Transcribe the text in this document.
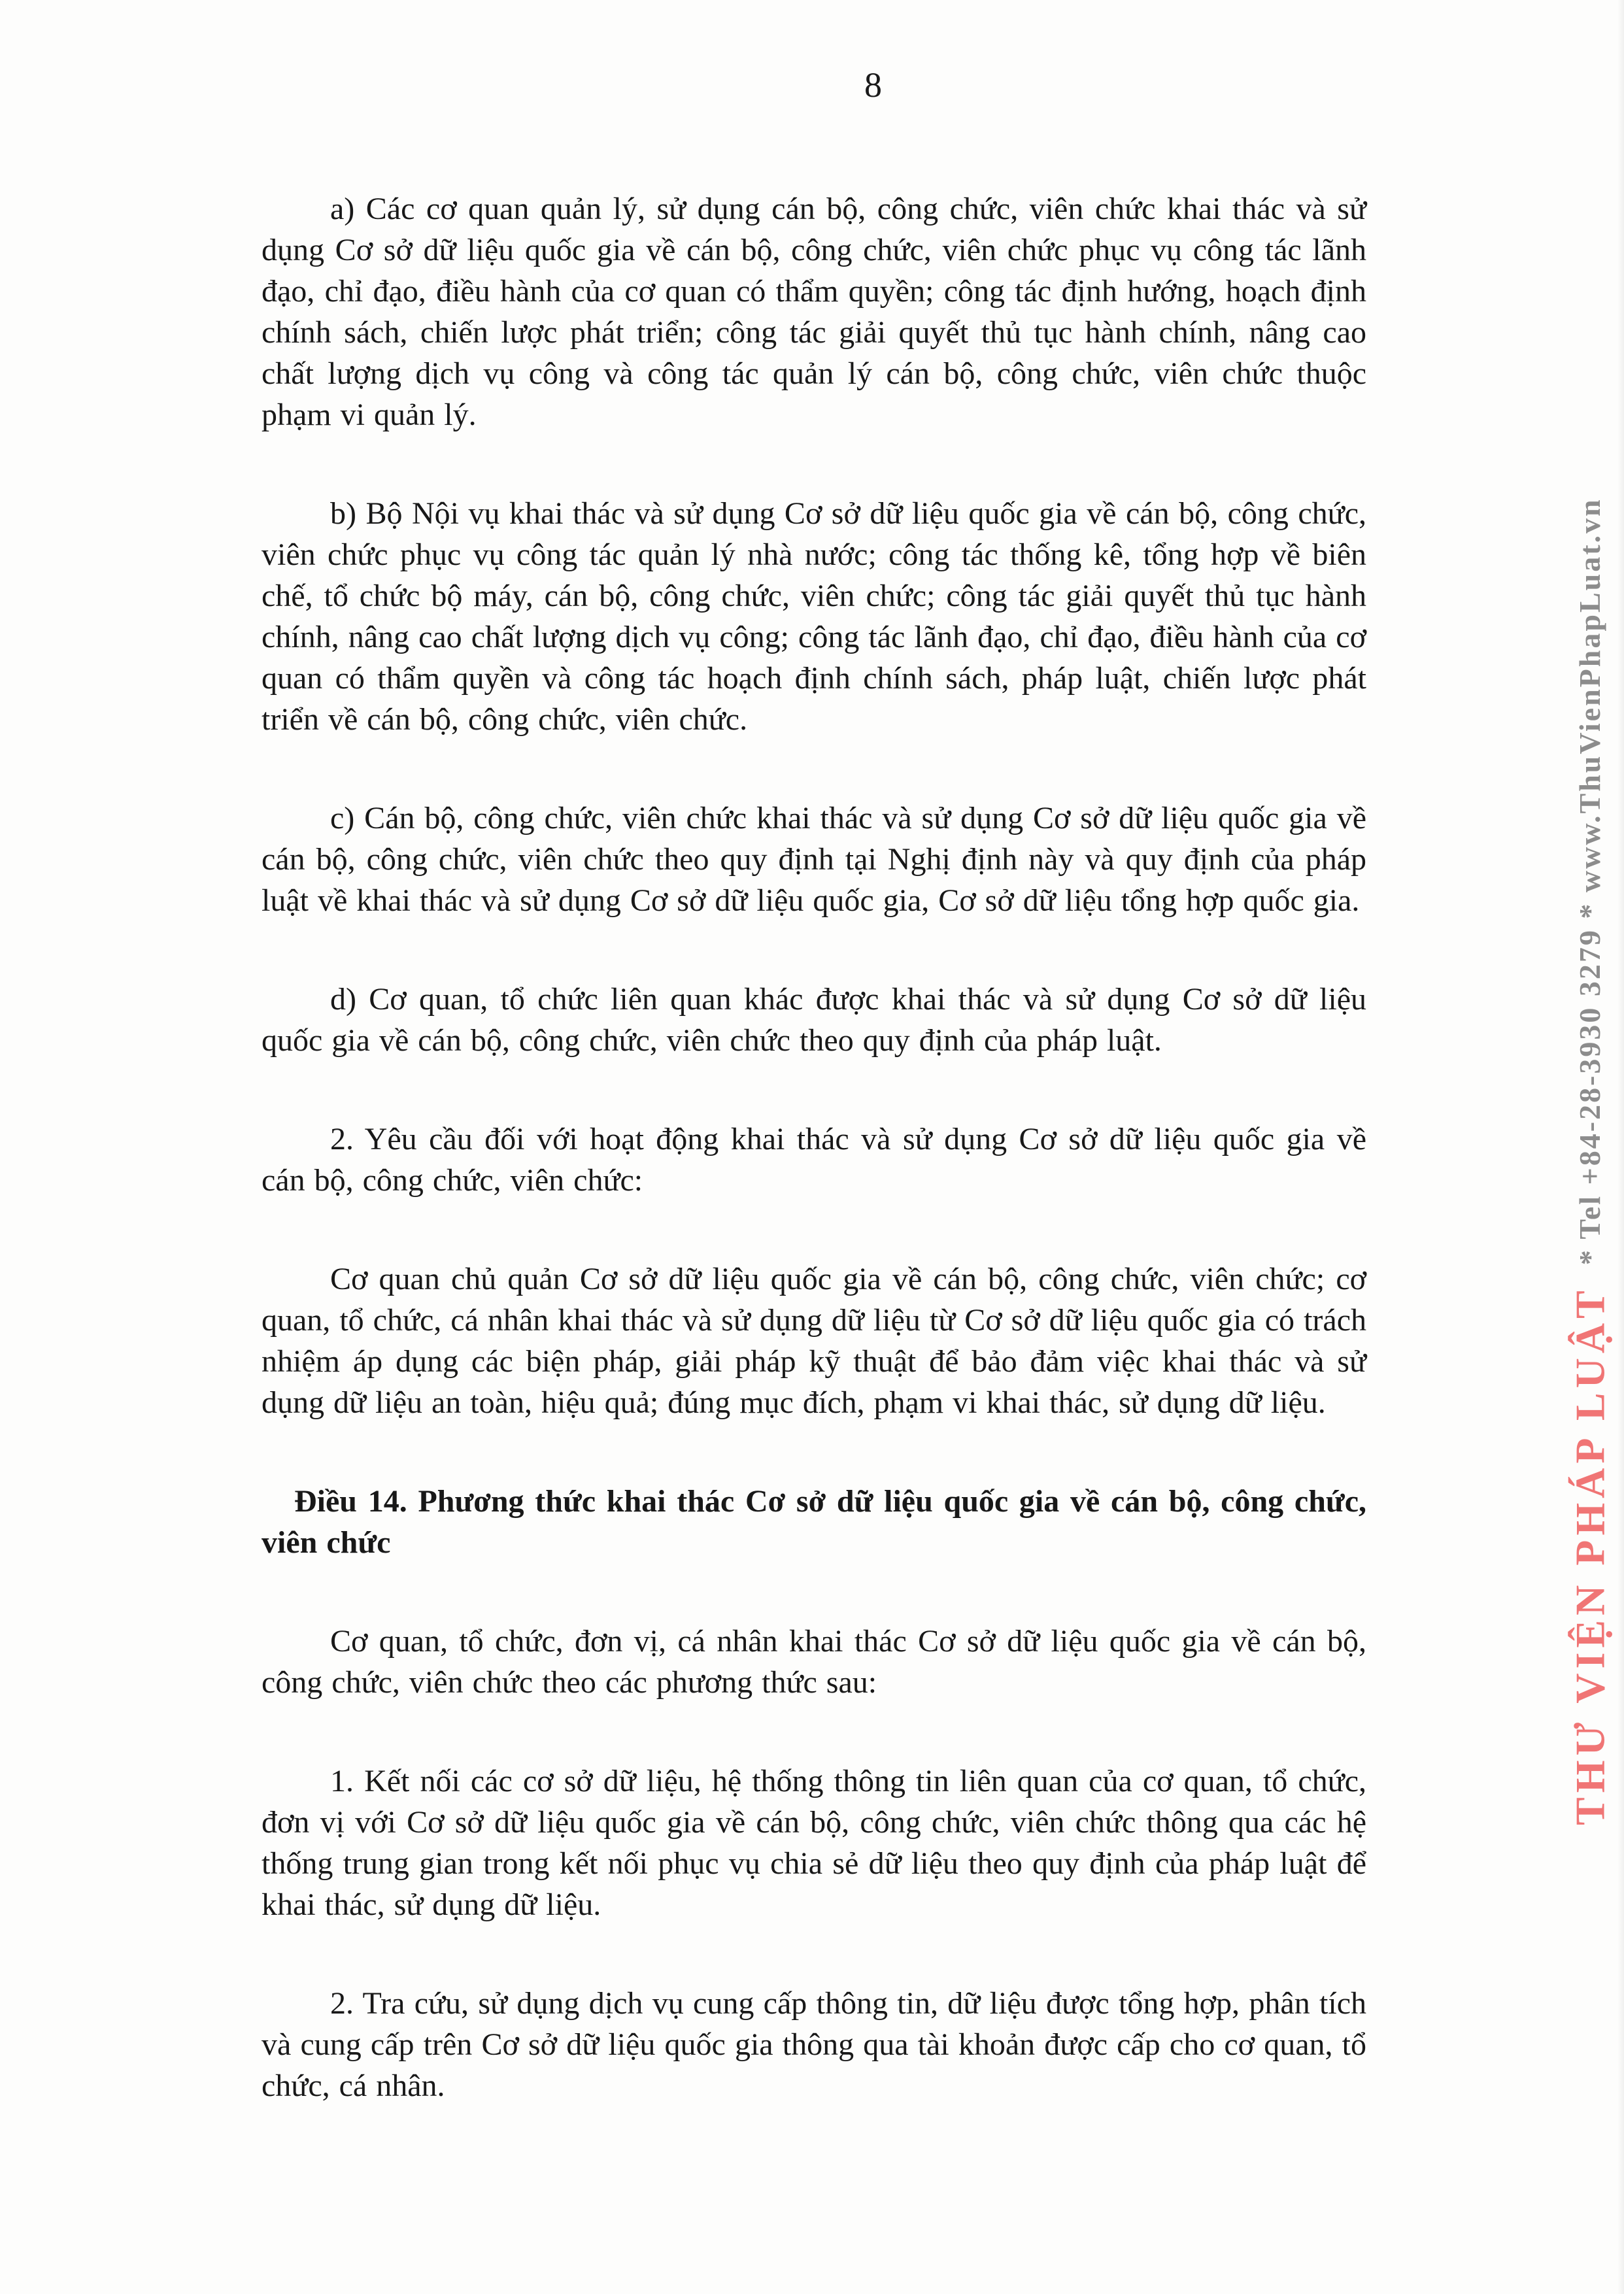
8

a) Các cơ quan quản lý, sử dụng cán bộ, công chức, viên chức khai thác và sử dụng Cơ sở dữ liệu quốc gia về cán bộ, công chức, viên chức phục vụ công tác lãnh đạo, chỉ đạo, điều hành của cơ quan có thẩm quyền; công tác định hướng, hoạch định chính sách, chiến lược phát triển; công tác giải quyết thủ tục hành chính, nâng cao chất lượng dịch vụ công và công tác quản lý cán bộ, công chức, viên chức thuộc phạm vi quản lý.

b) Bộ Nội vụ khai thác và sử dụng Cơ sở dữ liệu quốc gia về cán bộ, công chức, viên chức phục vụ công tác quản lý nhà nước; công tác thống kê, tổng hợp về biên chế, tổ chức bộ máy, cán bộ, công chức, viên chức; công tác giải quyết thủ tục hành chính, nâng cao chất lượng dịch vụ công; công tác lãnh đạo, chỉ đạo, điều hành của cơ quan có thẩm quyền và công tác hoạch định chính sách, pháp luật, chiến lược phát triển về cán bộ, công chức, viên chức.

c) Cán bộ, công chức, viên chức khai thác và sử dụng Cơ sở dữ liệu quốc gia về cán bộ, công chức, viên chức theo quy định tại Nghị định này và quy định của pháp luật về khai thác và sử dụng Cơ sở dữ liệu quốc gia, Cơ sở dữ liệu tổng hợp quốc gia.

d) Cơ quan, tổ chức liên quan khác được khai thác và sử dụng Cơ sở dữ liệu quốc gia về cán bộ, công chức, viên chức theo quy định của pháp luật.

2. Yêu cầu đối với hoạt động khai thác và sử dụng Cơ sở dữ liệu quốc gia về cán bộ, công chức, viên chức:

Cơ quan chủ quản Cơ sở dữ liệu quốc gia về cán bộ, công chức, viên chức; cơ quan, tổ chức, cá nhân khai thác và sử dụng dữ liệu từ Cơ sở dữ liệu quốc gia có trách nhiệm áp dụng các biện pháp, giải pháp kỹ thuật để bảo đảm việc khai thác và sử dụng dữ liệu an toàn, hiệu quả; đúng mục đích, phạm vi khai thác, sử dụng dữ liệu.

Điều 14. Phương thức khai thác Cơ sở dữ liệu quốc gia về cán bộ, công chức, viên chức

Cơ quan, tổ chức, đơn vị, cá nhân khai thác Cơ sở dữ liệu quốc gia về cán bộ, công chức, viên chức theo các phương thức sau:

1. Kết nối các cơ sở dữ liệu, hệ thống thông tin liên quan của cơ quan, tổ chức, đơn vị với Cơ sở dữ liệu quốc gia về cán bộ, công chức, viên chức thông qua các hệ thống trung gian trong kết nối phục vụ chia sẻ dữ liệu theo quy định của pháp luật để khai thác, sử dụng dữ liệu.

2. Tra cứu, sử dụng dịch vụ cung cấp thông tin, dữ liệu được tổng hợp, phân tích và cung cấp trên Cơ sở dữ liệu quốc gia thông qua tài khoản được cấp cho cơ quan, tổ chức, cá nhân.

THƯ VIỆN PHÁP LUẬT * Tel +84-28-3930 3279 * www.ThuVienPhapLuat.vn
